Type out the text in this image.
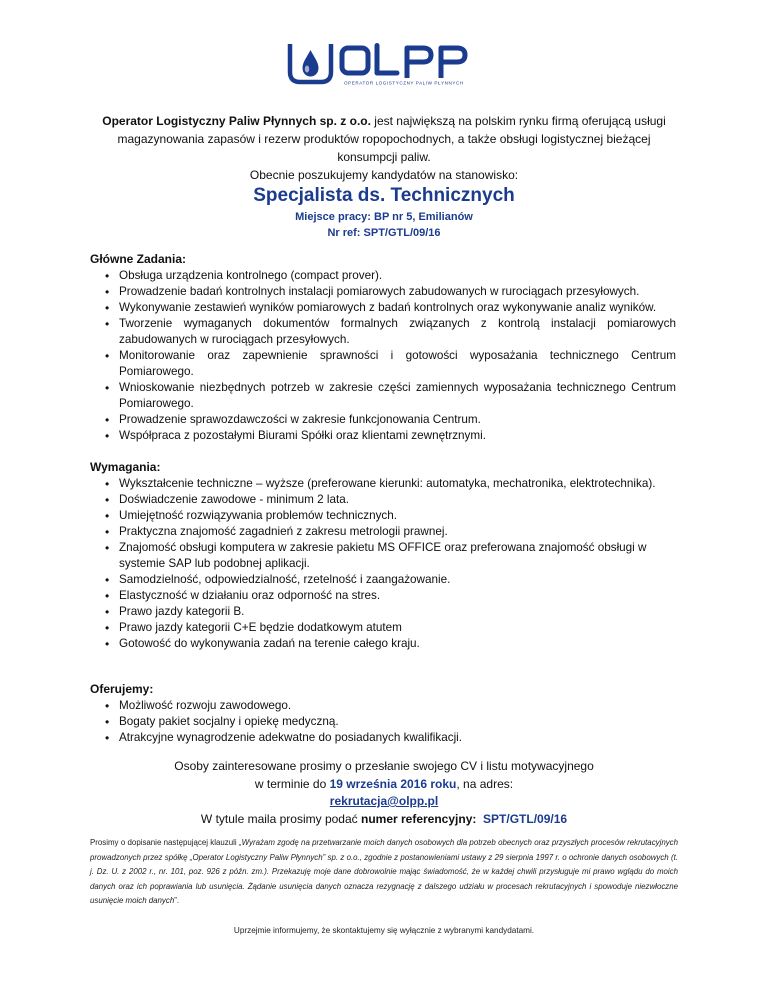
OPERATOR LOGISTYCZNY PALIW PŁYNNYCH
Operator Logistyczny Paliw Płynnych sp. z o.o. jest największą na polskim rynku firmą oferującą usługi magazynowania zapasów i rezerw produktów ropopochodnych, a także obsługi logistycznej bieżącej konsumpcji paliw.
Obecnie poszukujemy kandydatów na stanowisko:
Specjalista ds. Technicznych
Miejsce pracy: BP nr 5, Emilianów
Nr ref: SPT/GTL/09/16
Główne Zadania:
• Obsługa urządzenia kontrolnego (compact prover).
• Prowadzenie badań kontrolnych instalacji pomiarowych zabudowanych w rurociągach przesyłowych.
• Wykonywanie zestawień wyników pomiarowych z badań kontrolnych oraz wykonywanie analiz wyników.
• Tworzenie wymaganych dokumentów formalnych związanych z kontrolą instalacji pomiarowych zabudowanych w rurociągach przesyłowych.
• Monitorowanie oraz zapewnienie sprawności i gotowości wyposażania technicznego Centrum Pomiarowego.
• Wnioskowanie niezbędnych potrzeb w zakresie części zamiennych wyposażania technicznego Centrum Pomiarowego.
• Prowadzenie sprawozdawczości w zakresie funkcjonowania Centrum.
• Współpraca z pozostałymi Biurami Spółki oraz klientami zewnętrznymi.
Wymagania:
• Wykształcenie techniczne – wyższe (preferowane kierunki: automatyka, mechatronika, elektrotechnika).
• Doświadczenie zawodowe - minimum 2 lata.
• Umiejętność rozwiązywania problemów technicznych.
• Praktyczna znajomość zagadnień z zakresu metrologii prawnej.
• Znajomość obsługi komputera w zakresie pakietu MS OFFICE oraz preferowana znajomość obsługi w systemie SAP lub podobnej aplikacji.
• Samodzielność, odpowiedzialność, rzetelność i zaangażowanie.
• Elastyczność w działaniu oraz odporność na stres.
• Prawo jazdy kategorii B.
• Prawo jazdy kategorii C+E będzie dodatkowym atutem
• Gotowość do wykonywania zadań na terenie całego kraju.
Oferujemy:
• Możliwość rozwoju zawodowego.
• Bogaty pakiet socjalny i opiekę medyczną.
• Atrakcyjne wynagrodzenie adekwatne do posiadanych kwalifikacji.
Osoby zainteresowane prosimy o przesłanie swojego CV i listu motywacyjnego
w terminie do 19 września 2016 roku, na adres:
rekrutacja@olpp.pl
W tytule maila prosimy podać numer referencyjny: SPT/GTL/09/16
Prosimy o dopisanie następującej klauzuli „Wyrażam zgodę na przetwarzanie moich danych osobowych dla potrzeb obecnych oraz przyszłych procesów rekrutacyjnych prowadzonych przez spółkę „Operator Logistyczny Paliw Płynnych” sp. z o.o., zgodnie z postanowieniami ustawy z 29 sierpnia 1997 r. o ochronie danych osobowych (t. j. Dz. U. z 2002 r., nr. 101, poz. 926 z późn. zm.). Przekazuję moje dane dobrowolnie mając świadomość, że w każdej chwili przysługuje mi prawo wglądu do moich danych oraz ich poprawiania lub usunięcia. Żądanie usunięcia danych oznacza rezygnację z dalszego udziału w procesach rekrutacyjnych i spowoduje niezwłoczne usunięcie moich danych”.
Uprzejmie informujemy, że skontaktujemy się wyłącznie z wybranymi kandydatami.
